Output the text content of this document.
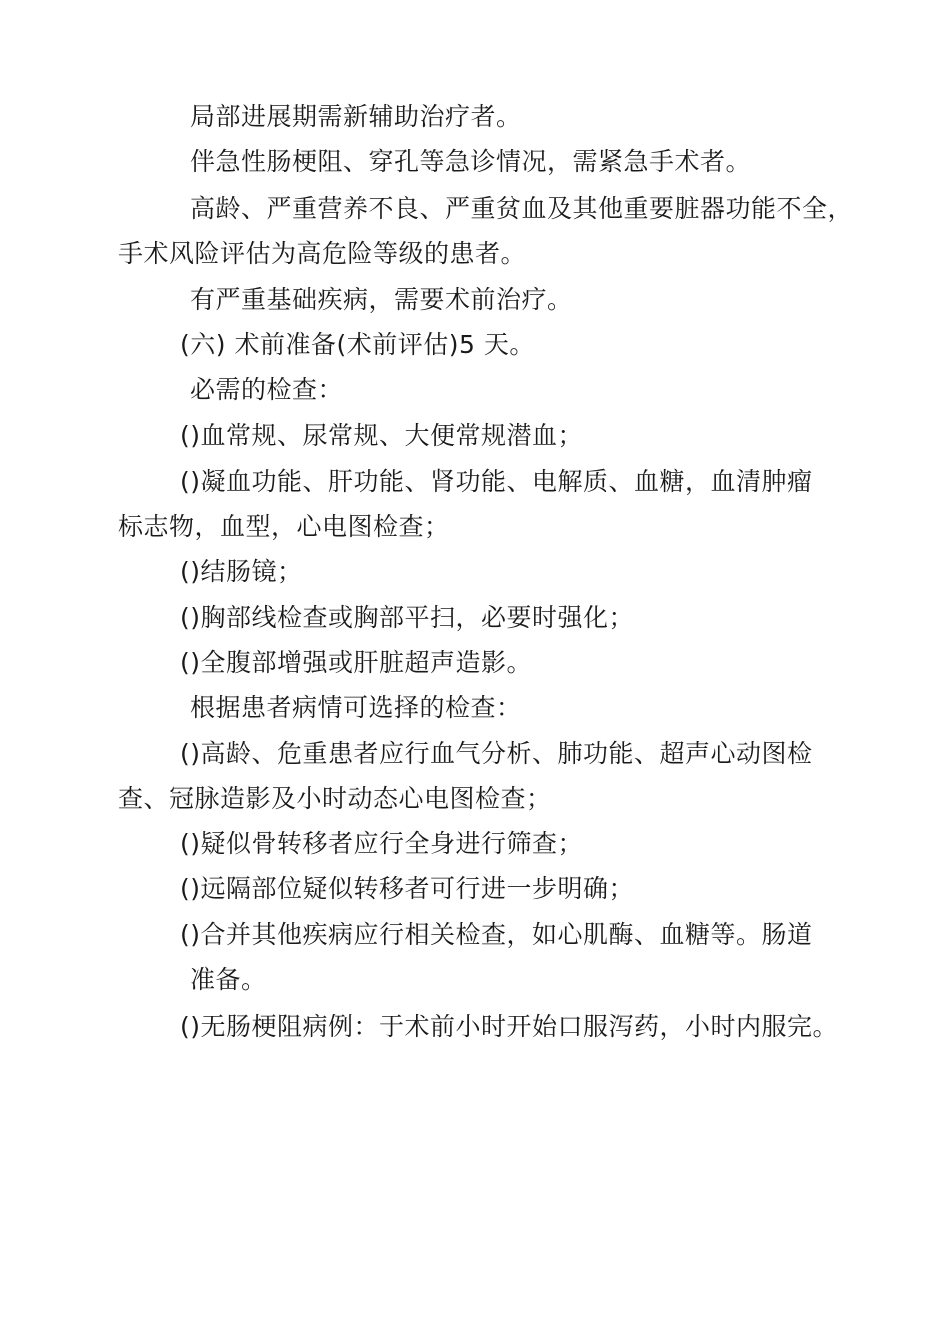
局部进展期需新辅助治疗者。
伴急性肠梗阻、穿孔等急诊情况，需紧急手术者。
高龄、严重营养不良、严重贫血及其他重要脏器功能不全，
手术风险评估为高危险等级的患者。
有严重基础疾病，需要术前治疗。
(六) 术前准备(术前评估)5 天。
必需的检查：
()血常规、尿常规、大便常规潜血；
()凝血功能、肝功能、肾功能、电解质、血糖，血清肿瘤
标志物，血型，心电图检查；
()结肠镜；
()胸部线检查或胸部平扫，必要时强化；
()全腹部增强或肝脏超声造影。
根据患者病情可选择的检查：
()高龄、危重患者应行血气分析、肺功能、超声心动图检
查、冠脉造影及小时动态心电图检查；
()疑似骨转移者应行全身进行筛查；
()远隔部位疑似转移者可行进一步明确；
()合并其他疾病应行相关检查，如心肌酶、血糖等。肠道
准备。
()无肠梗阻病例：于术前小时开始口服泻药，小时内服完。
